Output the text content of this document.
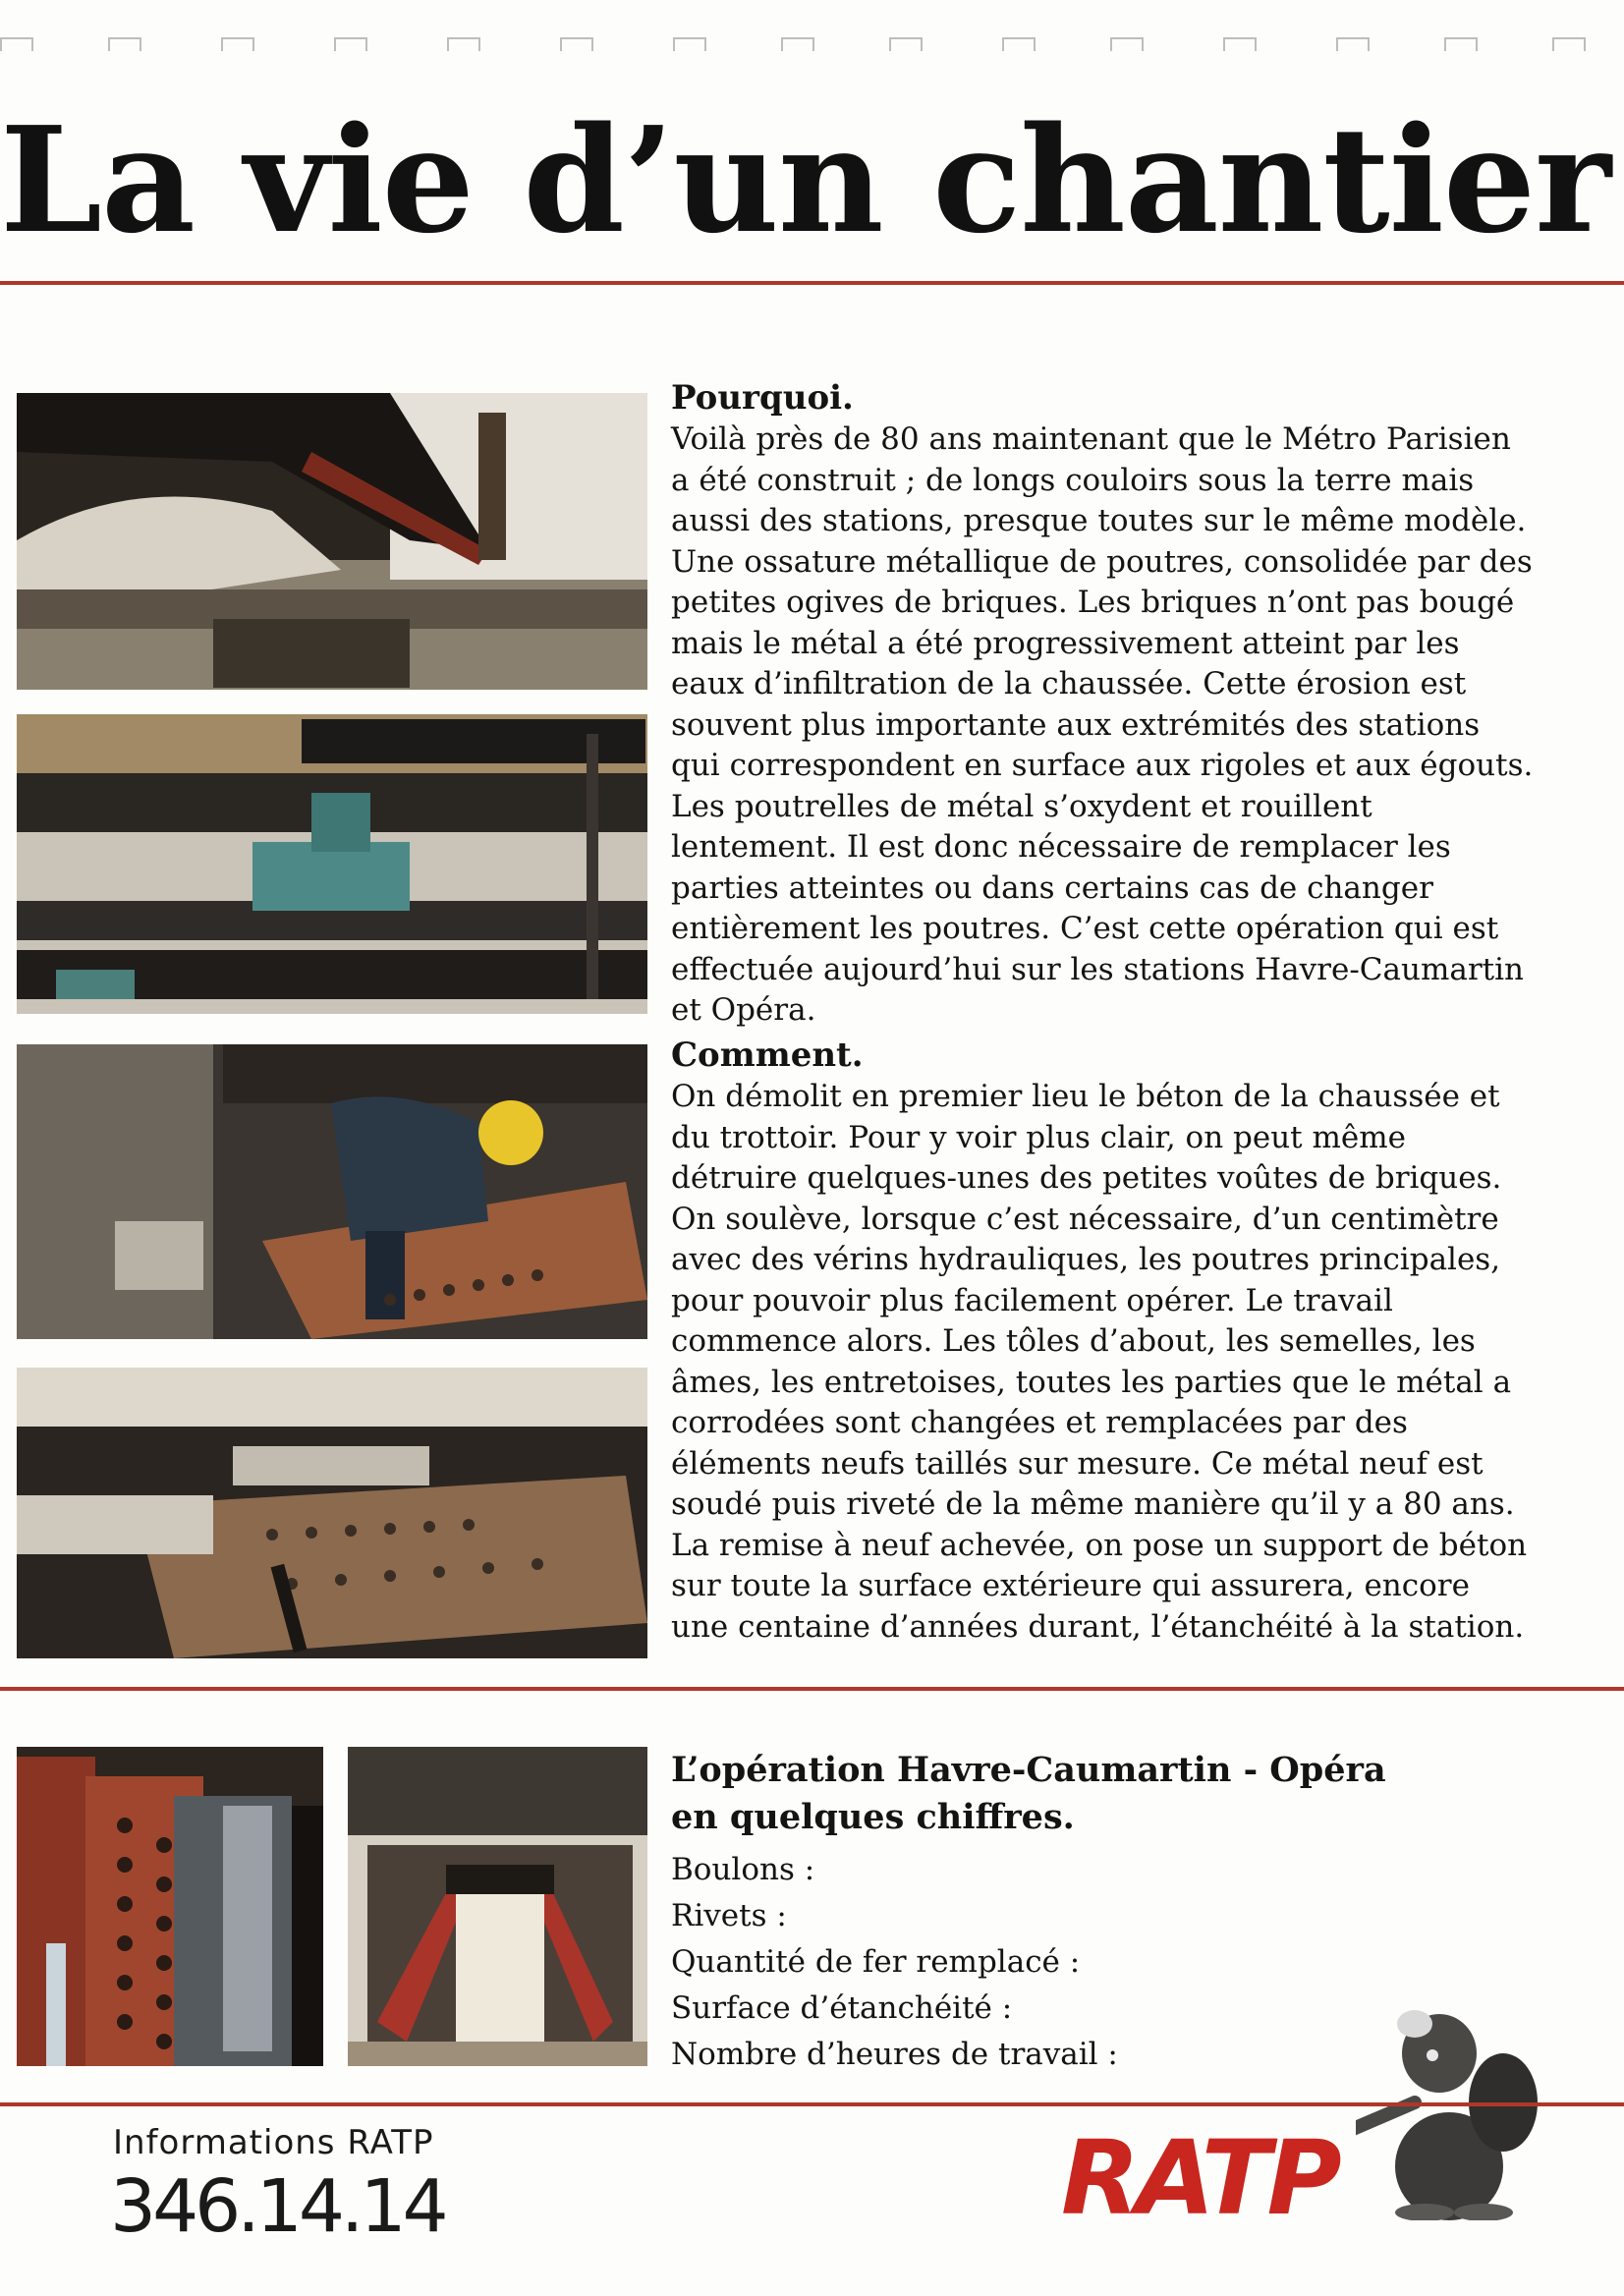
La vie d’un chantier
Pourquoi.

Voilà près de 80 ans maintenant que le Métro Parisien a été construit ; de longs couloirs sous la terre mais aussi des stations, presque toutes sur le même modèle. Une ossature métallique de poutres, consolidée par des petites ogives de briques. Les briques n’ont pas bougé mais le métal a été progressivement atteint par les eaux d’infiltration de la chaussée. Cette érosion est souvent plus importante aux extrémités des stations qui correspondent en surface aux rigoles et aux égouts. Les poutrelles de métal s’oxydent et rouillent lentement. Il est donc nécessaire de remplacer les parties atteintes ou dans certains cas de changer entièrement les poutres. C’est cette opération qui est effectuée aujourd’hui sur les stations Havre-Caumartin et Opéra.

Comment.

On démolit en premier lieu le béton de la chaussée et du trottoir. Pour y voir plus clair, on peut même détruire quelques-unes des petites voûtes de briques.

On soulève, lorsque c’est nécessaire, d’un centimètre avec des vérins hydrauliques, les poutres principales, pour pouvoir plus facilement opérer. Le travail commence alors. Les tôles d’about, les semelles, les âmes, les entretoises, toutes les parties que le métal a corrodées sont changées et remplacées par des éléments neufs taillés sur mesure. Ce métal neuf est soudé puis riveté de la même manière qu’il y a 80 ans. La remise à neuf achevée, on pose un support de béton sur toute la surface extérieure qui assurera, encore une centaine d’années durant, l’étanchéité à la station.

L’opération Havre-Caumartin - Opéra
en quelques chiffres.
Boulons :
Rivets :
Quantité de fer remplacé :
Surface d’étanchéité :
Nombre d’heures de travail :
Informations RATP
346.14.14	RATP
